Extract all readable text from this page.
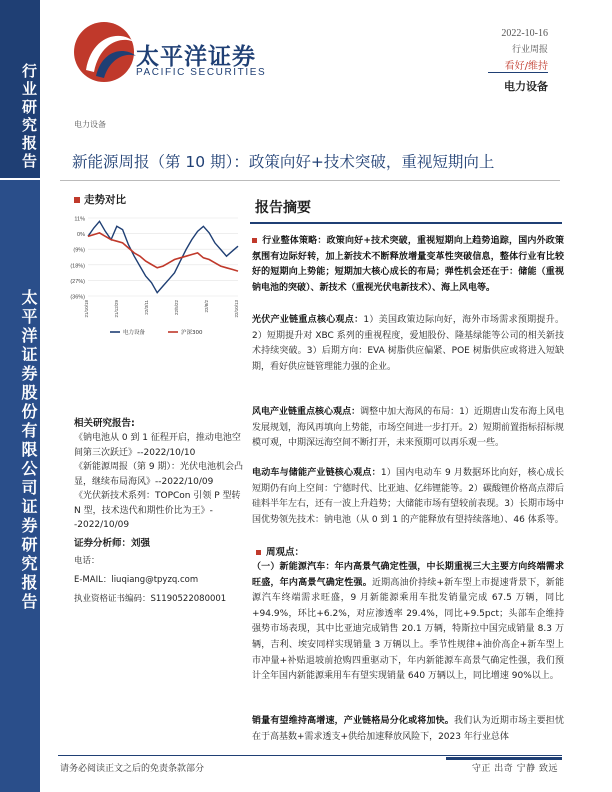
行业研究报告
太平洋证券股份有限公司证券研究报告
太平洋证券
PACIFIC SECURITIES
2022-10-16
行业周报
看好/维持
电力设备
电力设备
新能源周报（第 10 期）：政策向好+技术突破，重视短期向上
走势对比
11%
0%
(9%)
(18%)
(27%)
(36%)
21/10/18	21/12/29	22/3/11	22/5/22	22/8/2	22/10/13
电力设备	沪深300
相关研究报告:

《钠电池从 0 到 1 征程开启，推动电池空间第三次跃迁》--2022/10/10

《新能源周报（第 9 期）：光伏电池机会凸显，继续布局海风》--2022/10/09

《光伏新技术系列：TOPCon 引领 P 型转 N 型，技术迭代和期性价比为王》--2022/10/09

证券分析师：刘强
电话：
E-MAIL：liuqiang@tpyzq.com
执业资格证书编码：S1190522080001
报告摘要
行业整体策略：政策向好+技术突破，重视短期向上趋势追踪，国内外政策氛围有边际好转，加上新技术不断释放增量变革性突破信息，整体行业有比较好的短期向上势能；短期加大核心成长的布局；弹性机会还在于：储能（重视钠电池的突破）、新技术（重视光伏电新技术）、海上风电等。
光伏产业链重点核心观点：1）美国政策边际向好，海外市场需求预期提升。2）短期提升对 XBC 系列的重视程度，爱旭股份、隆基绿能等公司的相关新技术持续突破。3）后期方向：EVA 树脂供应偏紧、POE 树脂供应或将进入短缺期，看好供应链管理能力强的企业。
风电产业链重点核心观点：调整中加大海风的布局：1）近期唐山发布海上风电发展规划，海风再填向上势能，市场空间进一步打开。2）短期前置指标招标规模可观，中期深远海空间不断打开，未来预期可以再乐观一些。
电动车与储能产业链核心观点：1）国内电动车 9 月数据环比向好，核心成长短期仍有向上空间：宁德时代、比亚迪、亿纬锂能等。2）碳酸锂价格高点滞后硅料半年左右，还有一波上升趋势；大储能市场有望较前表现。3）长期市场中国优势领先技术：钠电池（从 0 到 1 的产能释放有望持续落地）、46 体系等。
周观点：
（一）新能源汽车：年内高景气确定性强，中长期重视三大主要方向终端需求旺盛，年内高景气确定性强。近期高油价持续+新车型上市提速背景下，新能源汽车终端需求旺盛，9 月新能源乘用车批发销量完成 67.5 万辆，同比+94.9%，环比+6.2%，对应渗透率 29.4%，同比+9.5pct；头部车企维持强势市场表现，其中比亚迪完成销售 20.1 万辆，特斯拉中国完成销量 8.3 万辆，吉利、埃安同样实现销量 3 万辆以上。季节性规律+油价高企+新车型上市冲量+补贴退坡前抢购四重驱动下，年内新能源车高景气确定性强，我们预计全年国内新能源乘用车有望实现销量 640 万辆以上，同比增速 90%以上。
销量有望维持高增速，产业链格局分化或将加快。我们认为近期市场主要担忧在于高基数+需求透支+供给加速释放风险下，2023 年行业总体
请务必阅读正文之后的免责条款部分	守正 出奇 宁静 致远
